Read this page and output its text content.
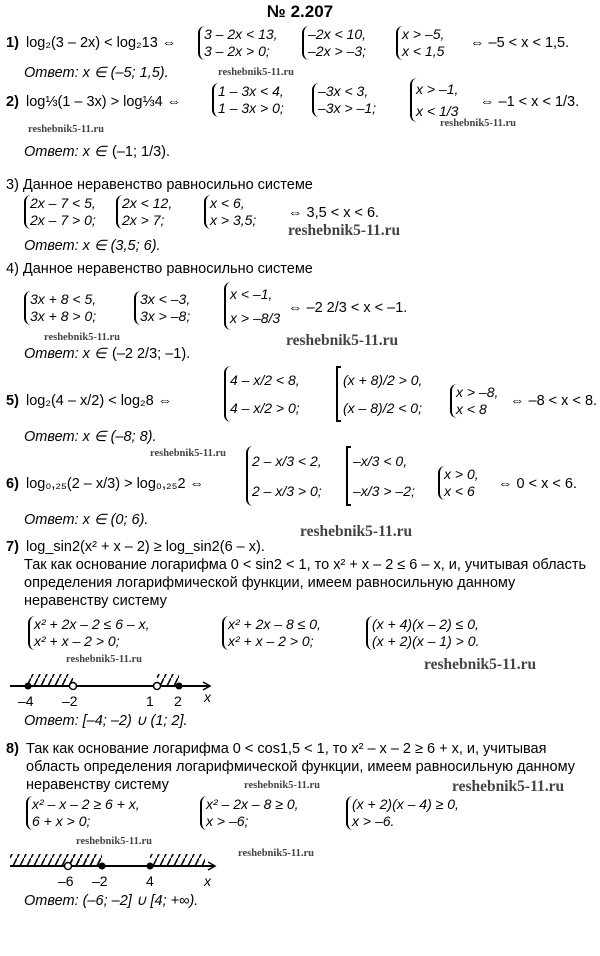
№ 2.207
1) log₂(3 – 2x) < log₂13 ⇔
3 – 2x < 13,
3 – 2x > 0;
–2x < 10,
–2x > –3;
x > –5,
x < 1,5 ⇔ –5 < x < 1,5.
Ответ: x ∈ (–5; 1,5).	reshebnik5-11.ru
2) log⅓(1 – 3x) > log⅓4 ⇔
1 – 3x < 4,
1 – 3x > 0;
–3x < 3,
–3x > –1;
x > –1,
x < 1/3
⇔ –1 < x < 1/3.
reshebnik5-11.ru
reshebnik5-11.ru
Ответ: x ∈ (–1; 1/3).
3) Данное неравенство равносильно системе
2x – 7 < 5,
2x – 7 > 0;
2x < 12,
2x > 7;
x < 6,
x > 3,5; ⇔ 3,5 < x < 6.
reshebnik5-11.ru
Ответ: x ∈ (3,5; 6).
4) Данное неравенство равносильно системе
3x + 8 < 5,
3x + 8 > 0;
3x < –3,
3x > –8;
x < –1,
x > –8/3
⇔ –2 2/3 < x < –1.
reshebnik5-11.ru	reshebnik5-11.ru
Ответ: x ∈ (–2 2/3; –1).
5) log₂(4 – x/2) < log₂8 ⇔
4 – x/2 < 8,
4 – x/2 > 0;
(x + 8)/2 > 0,
(x – 8)/2 < 0;
x > –8,
x < 8	⇔ –8 < x < 8.
Ответ: x ∈ (–8; 8).
reshebnik5-11.ru
6) log₀,₂₅(2 – x/3) > log₀,₂₅2 ⇔
2 – x/3 < 2,
2 – x/3 > 0;
–x/3 < 0,
–x/3 > –2;
x > 0,
x < 6 ⇔ 0 < x < 6.
Ответ: x ∈ (0; 6).
reshebnik5-11.ru
7) log_sin2(x² + x – 2) ≥ log_sin2(6 – x).
Так как основание логарифма 0 < sin2 < 1, то x² + x – 2 ≤ 6 – x, и, учитывая область определения логарифмической функции, имеем равносильную данному неравенству систему
x² + 2x – 2 ≤ 6 – x,
x² + x – 2 > 0;
x² + 2x – 8 ≤ 0,
x² + x – 2 > 0;
(x + 4)(x – 2) ≤ 0,
(x + 2)(x – 1) > 0.
reshebnik5-11.ru	reshebnik5-11.ru
–4 –2	1 2 x
Ответ: [–4; –2) ∪ (1; 2].
8) Так как основание логарифма 0 < cos1,5 < 1, то x² – x – 2 ≥ 6 + x, и, учитывая область определения логарифмической функции, имеем равносильную данному неравенству систему	reshebnik5-11.ru
reshebnik5-11.ru
x² – x – 2 ≥ 6 + x,
6 + x > 0;
x² – 2x – 8 ≥ 0,
x > –6;
(x + 2)(x – 4) ≥ 0,
x > –6.
reshebnik5-11.ru
reshebnik5-11.ru
–6 –2	4	x
Ответ: (–6; –2] ∪ [4; +∞).
